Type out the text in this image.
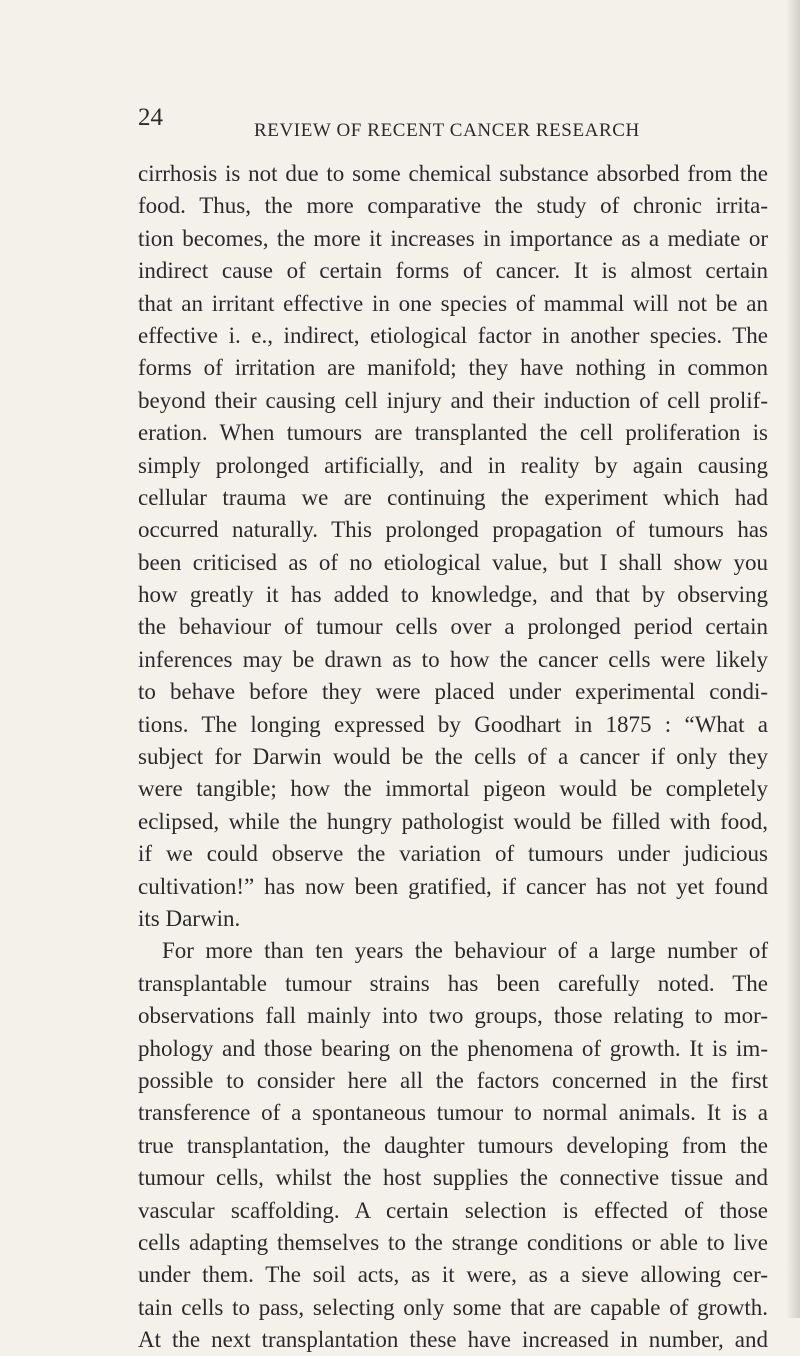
24	REVIEW OF RECENT CANCER RESEARCH
cirrhosis is not due to some chemical substance absorbed from the
food. Thus, the more comparative the study of chronic irrita-
tion becomes, the more it increases in importance as a mediate or
indirect cause of certain forms of cancer. It is almost certain
that an irritant effective in one species of mammal will not be an
effective i. e., indirect, etiological factor in another species. The
forms of irritation are manifold; they have nothing in common
beyond their causing cell injury and their induction of cell prolif-
eration. When tumours are transplanted the cell proliferation is
simply prolonged artificially, and in reality by again causing
cellular trauma we are continuing the experiment which had
occurred naturally. This prolonged propagation of tumours has
been criticised as of no etiological value, but I shall show you
how greatly it has added to knowledge, and that by observing
the behaviour of tumour cells over a prolonged period certain
inferences may be drawn as to how the cancer cells were likely
to behave before they were placed under experimental condi-
tions. The longing expressed by Goodhart in 1875 : “What a
subject for Darwin would be the cells of a cancer if only they
were tangible; how the immortal pigeon would be completely
eclipsed, while the hungry pathologist would be filled with food,
if we could observe the variation of tumours under judicious
cultivation!” has now been gratified, if cancer has not yet found
its Darwin.
For more than ten years the behaviour of a large number of
transplantable tumour strains has been carefully noted. The
observations fall mainly into two groups, those relating to mor-
phology and those bearing on the phenomena of growth. It is im-
possible to consider here all the factors concerned in the first
transference of a spontaneous tumour to normal animals. It is a
true transplantation, the daughter tumours developing from the
tumour cells, whilst the host supplies the connective tissue and
vascular scaffolding. A certain selection is effected of those
cells adapting themselves to the strange conditions or able to live
under them. The soil acts, as it were, as a sieve allowing cer-
tain cells to pass, selecting only some that are capable of growth.
At the next transplantation these have increased in number, and
